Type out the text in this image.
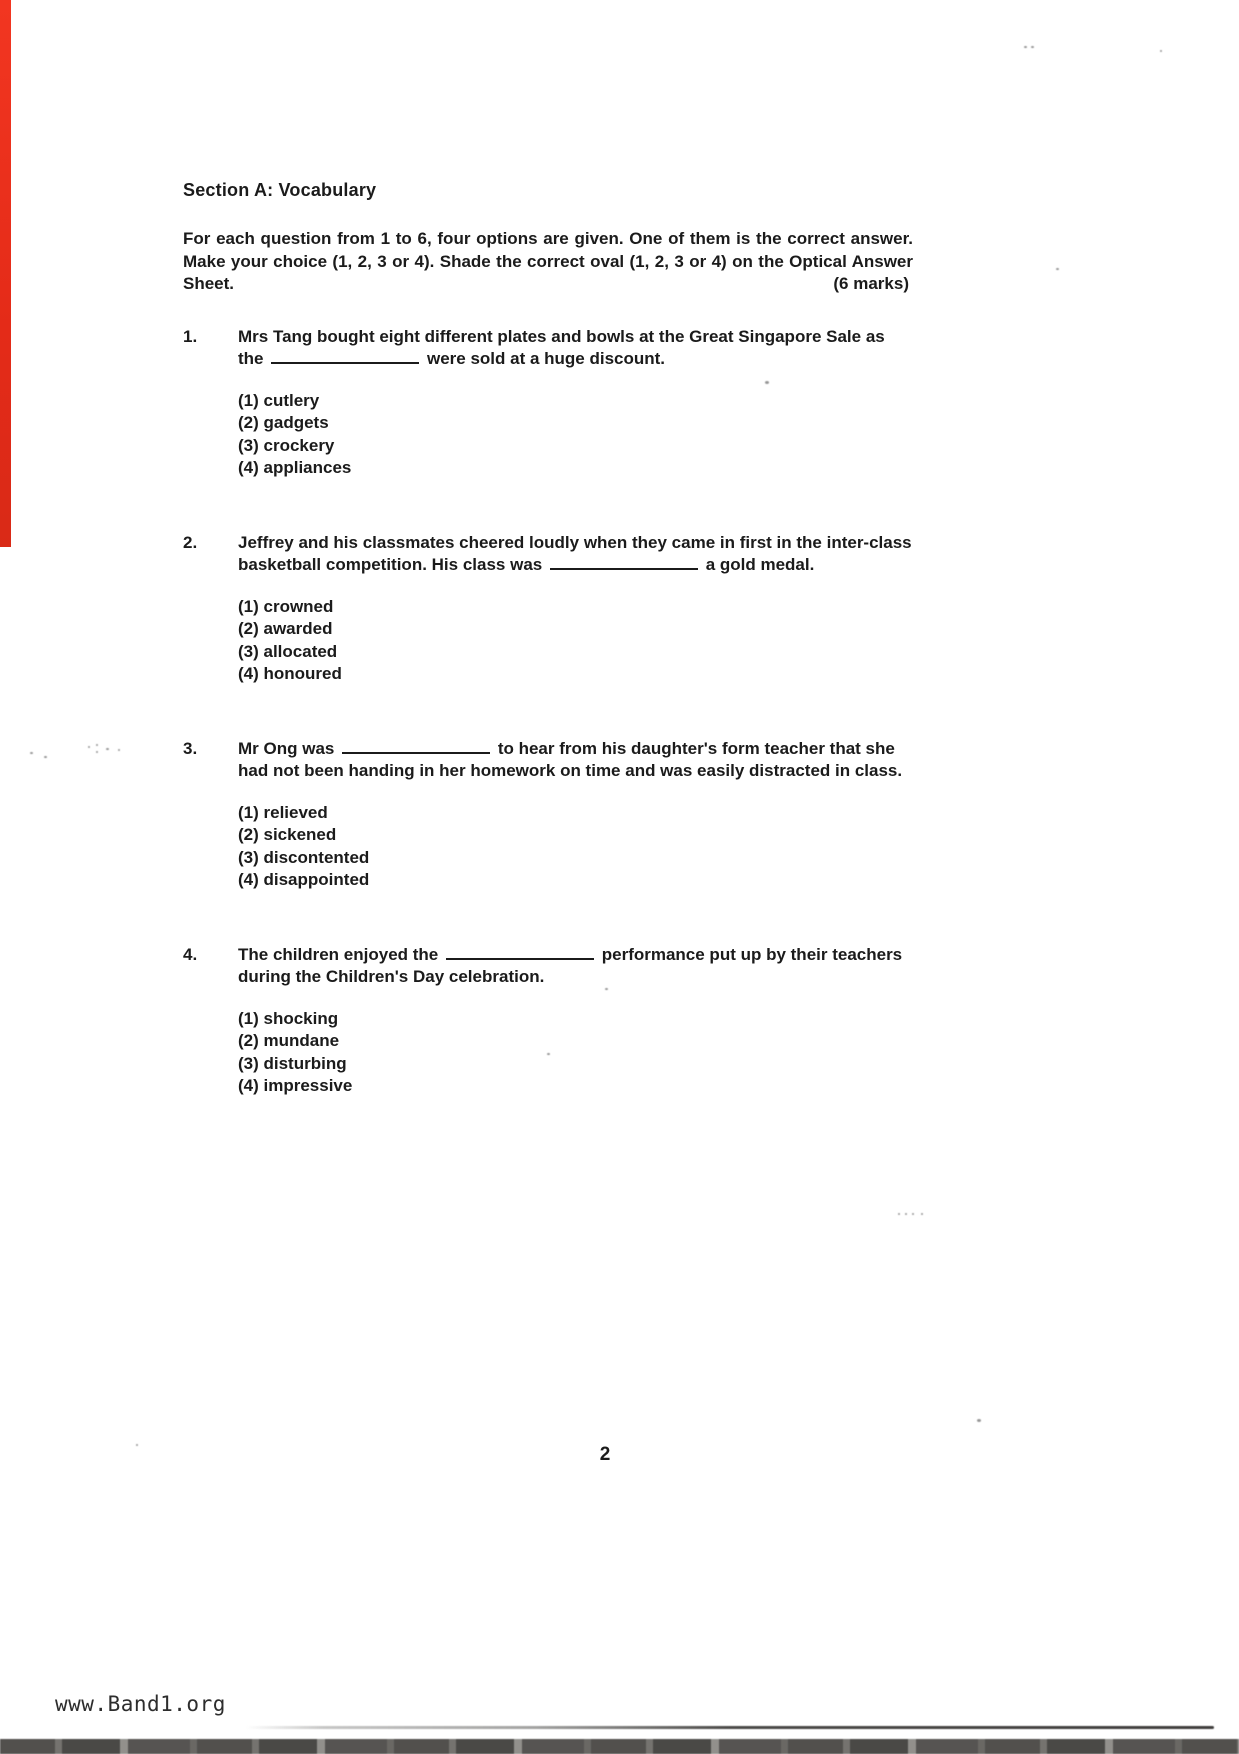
Section A: Vocabulary

For each question from 1 to 6, four options are given. One of them is the correct answer. Make your choice (1, 2, 3 or 4). Shade the correct oval (1, 2, 3 or 4) on the Optical Answer Sheet.	(6 marks)

1.	Mrs Tang bought eight different plates and bowls at the Great Singapore Sale as the	were sold at a huge discount.

(1) cutlery
(2) gadgets
(3) crockery
(4) appliances
2.	Jeffrey and his classmates cheered loudly when they came in first in the inter-class basketball competition. His class was	a gold medal.

(1) crowned
(2) awarded
(3) allocated
(4) honoured
3.	Mr Ong was	to hear from his daughter's form teacher that she had not been handing in her homework on time and was easily distracted in class.

(1) relieved
(2) sickened
(3) discontented
(4) disappointed
4.	The children enjoyed the	performance put up by their teachers during the Children's Day celebration.

(1) shocking
(2) mundane
(3) disturbing
(4) impressive
2
www.Band1.org
